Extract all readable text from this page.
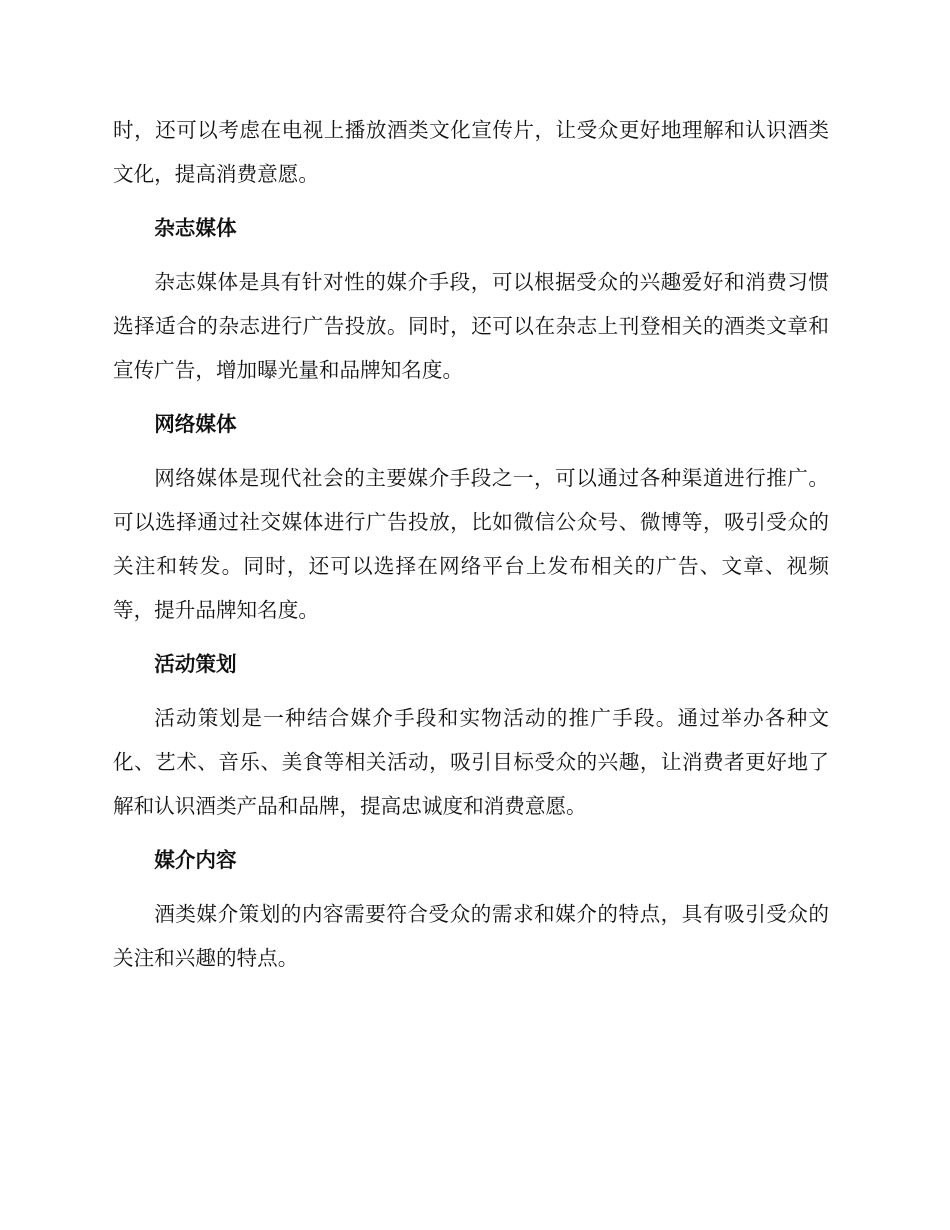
时，还可以考虑在电视上播放酒类文化宣传片，让受众更好地理解和认识酒类文化，提高消费意愿。

杂志媒体

杂志媒体是具有针对性的媒介手段，可以根据受众的兴趣爱好和消费习惯选择适合的杂志进行广告投放。同时，还可以在杂志上刊登相关的酒类文章和宣传广告，增加曝光量和品牌知名度。

网络媒体

网络媒体是现代社会的主要媒介手段之一，可以通过各种渠道进行推广。可以选择通过社交媒体进行广告投放，比如微信公众号、微博等，吸引受众的关注和转发。同时，还可以选择在网络平台上发布相关的广告、文章、视频等，提升品牌知名度。

活动策划

活动策划是一种结合媒介手段和实物活动的推广手段。通过举办各种文化、艺术、音乐、美食等相关活动，吸引目标受众的兴趣，让消费者更好地了解和认识酒类产品和品牌，提高忠诚度和消费意愿。

媒介内容

酒类媒介策划的内容需要符合受众的需求和媒介的特点，具有吸引受众的关注和兴趣的特点。
